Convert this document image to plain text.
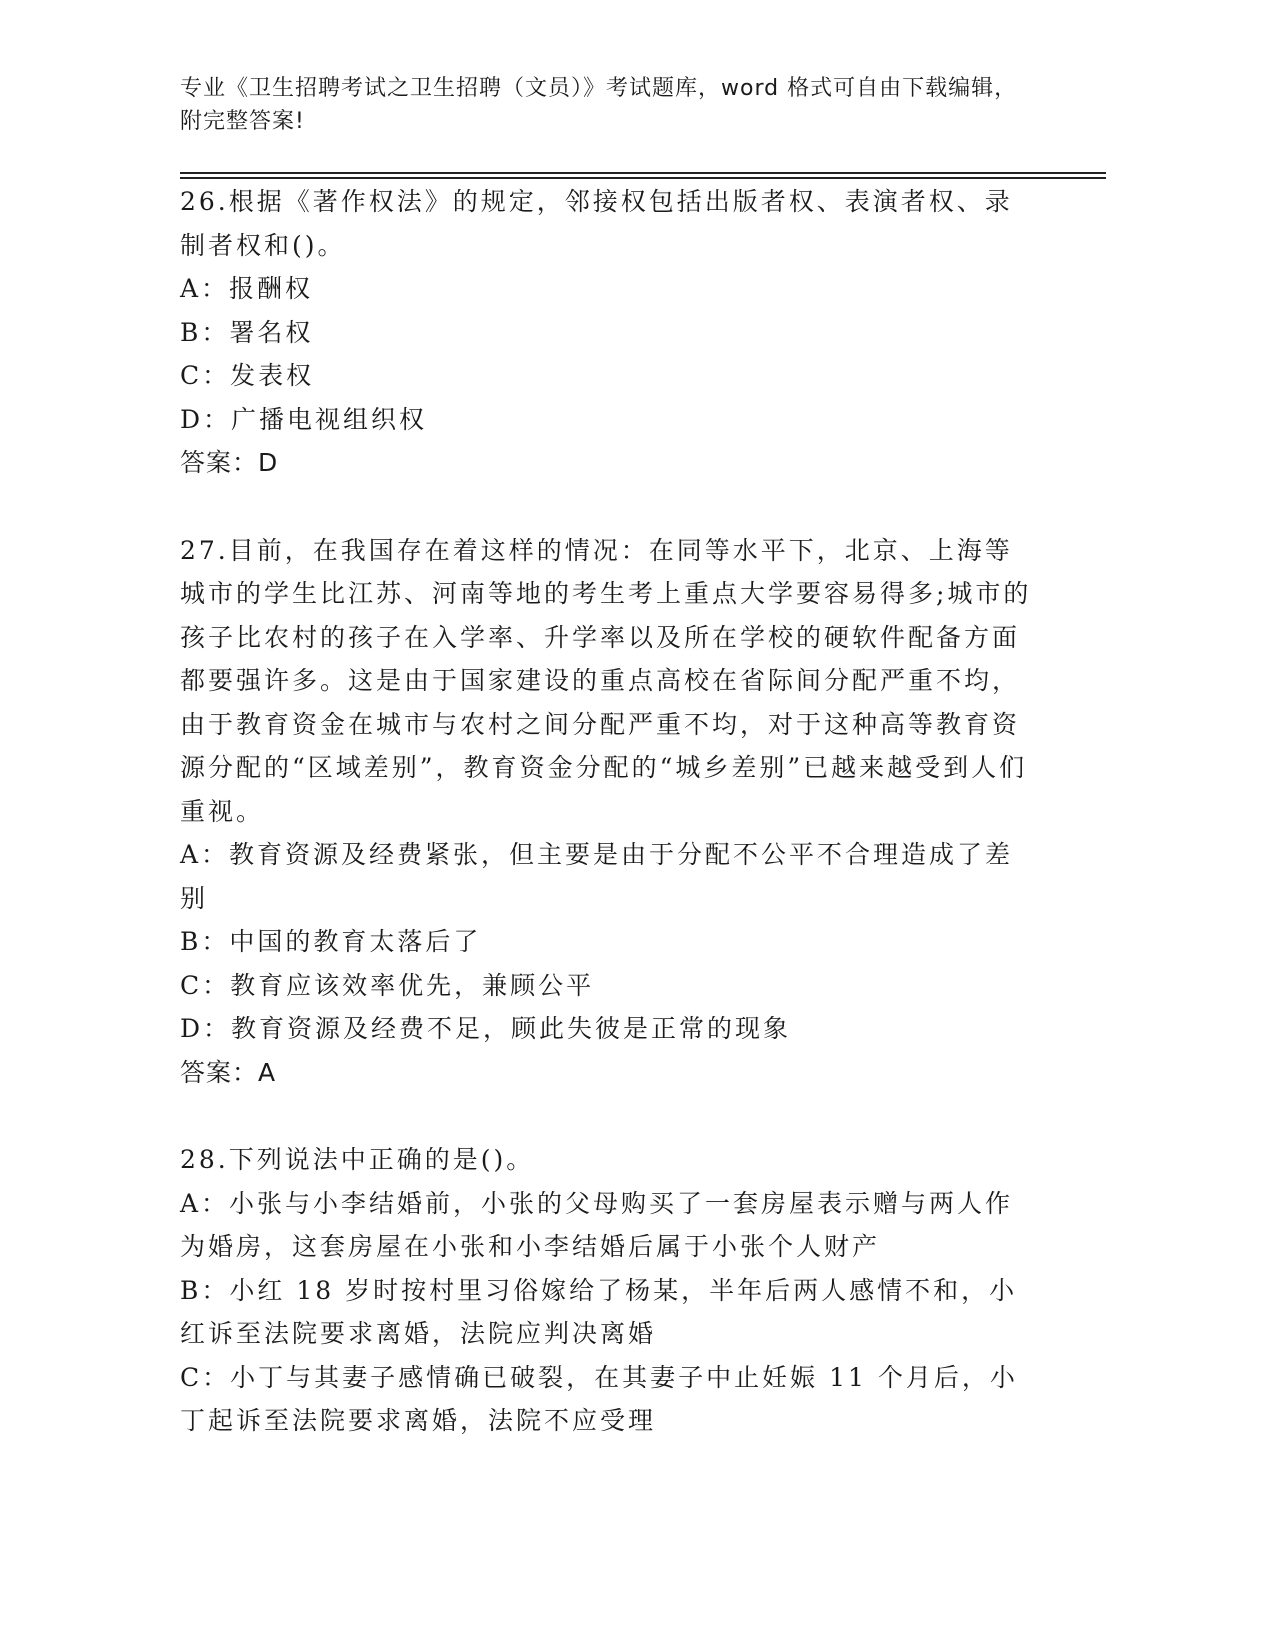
专业《卫生招聘考试之卫生招聘（文员）》考试题库，word 格式可自由下载编辑，附完整答案!
26.根据《著作权法》的规定，邻接权包括出版者权、表演者权、录制者权和()。
A：报酬权
B：署名权
C：发表权
D：广播电视组织权
答案：D
27.目前，在我国存在着这样的情况：在同等水平下，北京、上海等城市的学生比江苏、河南等地的考生考上重点大学要容易得多;城市的孩子比农村的孩子在入学率、升学率以及所在学校的硬软件配备方面都要强许多。这是由于国家建设的重点高校在省际间分配严重不均，由于教育资金在城市与农村之间分配严重不均，对于这种高等教育资源分配的“区域差别”，教育资金分配的“城乡差别”已越来越受到人们重视。
A：教育资源及经费紧张，但主要是由于分配不公平不合理造成了差别
B：中国的教育太落后了
C：教育应该效率优先，兼顾公平
D：教育资源及经费不足，顾此失彼是正常的现象
答案：A
28.下列说法中正确的是()。
A：小张与小李结婚前，小张的父母购买了一套房屋表示赠与两人作为婚房，这套房屋在小张和小李结婚后属于小张个人财产
B：小红 18 岁时按村里习俗嫁给了杨某，半年后两人感情不和，小红诉至法院要求离婚，法院应判决离婚
C：小丁与其妻子感情确已破裂，在其妻子中止妊娠 11 个月后，小丁起诉至法院要求离婚，法院不应受理
